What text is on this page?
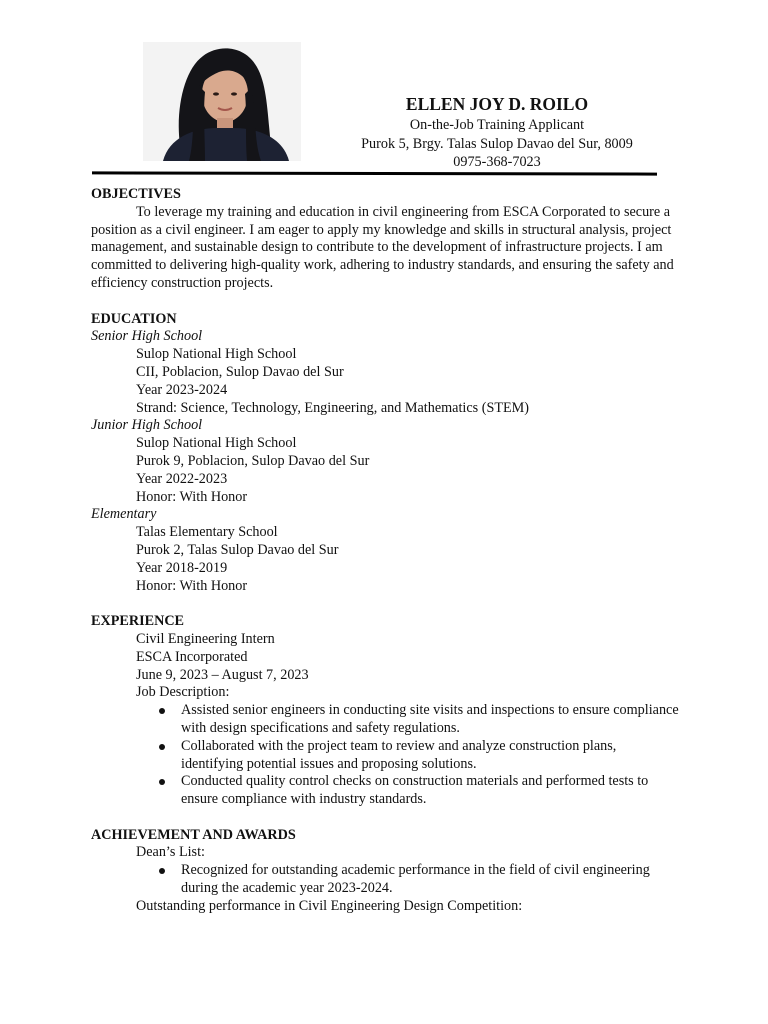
ELLEN JOY D. ROILO
On-the-Job Training Applicant
Purok 5, Brgy. Talas Sulop Davao del Sur, 8009
0975-368-7023
OBJECTIVES
To leverage my training and education in civil engineering from ESCA Corporated to secure a position as a civil engineer. I am eager to apply my knowledge and skills in structural analysis, project management, and sustainable design to contribute to the development of infrastructure projects. I am committed to delivering high-quality work, adhering to industry standards, and ensuring the safety and efficiency construction projects.
EDUCATION
Senior High School
Sulop National High School
CII, Poblacion, Sulop Davao del Sur
Year 2023-2024
Strand: Science, Technology, Engineering, and Mathematics (STEM)
Junior High School
Sulop National High School
Purok 9, Poblacion, Sulop Davao del Sur
Year 2022-2023
Honor: With Honor
Elementary
Talas Elementary School
Purok 2, Talas Sulop Davao del Sur
Year 2018-2019
Honor: With Honor
EXPERIENCE
Civil Engineering Intern
ESCA Incorporated
June 9, 2023 – August 7, 2023
Job Description:
Assisted senior engineers in conducting site visits and inspections to ensure compliance with design specifications and safety regulations.
Collaborated with the project team to review and analyze construction plans, identifying potential issues and proposing solutions.
Conducted quality control checks on construction materials and performed tests to ensure compliance with industry standards.
ACHIEVEMENT AND AWARDS
Dean’s List:
Recognized for outstanding academic performance in the field of civil engineering during the academic year 2023-2024.
Outstanding performance in Civil Engineering Design Competition:
